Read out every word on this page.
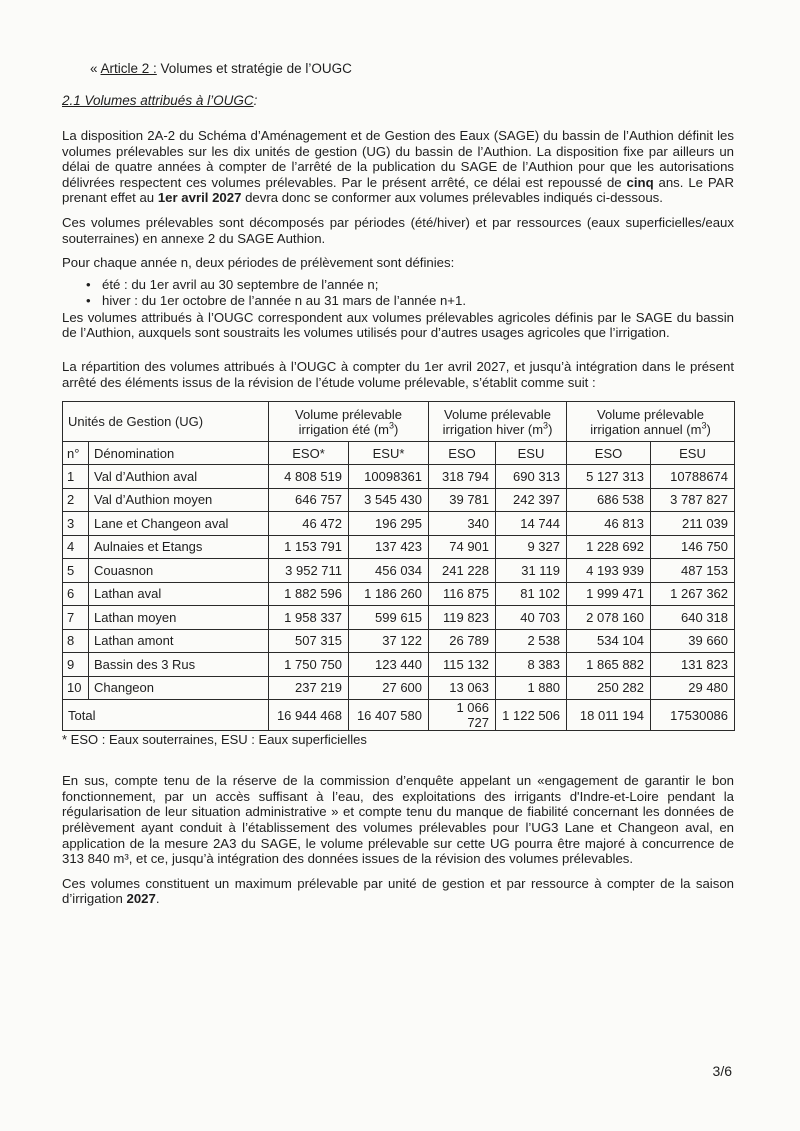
« Article 2 : Volumes et stratégie de l’OUGC
2.1 Volumes attribués à l’OUGC:

La disposition 2A-2 du Schéma d’Aménagement et de Gestion des Eaux (SAGE) du bassin de l’Authion définit les volumes prélevables sur les dix unités de gestion (UG) du bassin de l’Authion. La disposition fixe par ailleurs un délai de quatre années à compter de l’arrêté de la publication du SAGE de l’Authion pour que les autorisations délivrées respectent ces volumes prélevables. Par le présent arrêté, ce délai est repoussé de cinq ans. Le PAR prenant effet au 1er avril 2027 devra donc se conformer aux volumes prélevables indiqués ci-dessous.

Ces volumes prélevables sont décomposés par périodes (été/hiver) et par ressources (eaux superficielles/eaux souterraines) en annexe 2 du SAGE Authion.

Pour chaque année n, deux périodes de prélèvement sont définies:

• été : du 1er avril au 30 septembre de l’année n;
• hiver : du 1er octobre de l’année n au 31 mars de l’année n+1.

Les volumes attribués à l’OUGC correspondent aux volumes prélevables agricoles définis par le SAGE du bassin de l’Authion, auxquels sont soustraits les volumes utilisés pour d’autres usages agricoles que l’irrigation.

La répartition des volumes attribués à l’OUGC à compter du 1er avril 2027, et jusqu’à intégration dans le présent arrêté des éléments issus de la révision de l’étude volume prélevable, s’établit comme suit :

Unités de Gestion (UG)		Volume prélevable irrigation été $(m^3)$		Volume prélevable irrigation hiver $(m^3)$		Volume prélevable irrigation annuel $(m^3)$	
n°	Dénomination	ESO*	ESU*	ESO	ESU	ESO	ESU
1	Val d’Authion aval	4 808 519	10098361	318 794	690 313	5 127 313	10788674
2	Val d’Authion moyen	646 757	3 545 430	39 781	242 397	686 538	3 787 827
3	Lane et Changeon aval	46 472	196 295	340	14 744	46 813	211 039
4	Aulnaies et Etangs	1 153 791	137 423	74 901	9 327	1 228 692	146 750
5	Couasnon	3 952 711	456 034	241 228	31 119	4 193 939	487 153
6	Lathan aval	1 882 596	1 186 260	116 875	81 102	1 999 471	1 267 362
7	Lathan moyen	1 958 337	599 615	119 823	40 703	2 078 160	640 318
8	Lathan amont	507 315	37 122	26 789	2 538	534 104	39 660
9	Bassin des 3 Rus	1 750 750	123 440	115 132	8 383	1 865 882	131 823
10	Changeon	237 219	27 600	13 063	1 880	250 282	29 480
Total		16 944 468	16 407 580	1 066 727	1 122 506	18 011 194	17530086
* ESO : Eaux souterraines, ESU : Eaux superficielles

En sus, compte tenu de la réserve de la commission d’enquête appelant un «engagement de garantir le bon fonctionnement, par un accès suffisant à l’eau, des exploitations des irrigants d'Indre-et-Loire pendant la régularisation de leur situation administrative » et compte tenu du manque de fiabilité concernant les données de prélèvement ayant conduit à l’établissement des volumes prélevables pour l’UG3 Lane et Changeon aval, en application de la mesure 2A3 du SAGE, le volume prélevable sur cette UG pourra être majoré à concurrence de 313 840 m³, et ce, jusqu’à intégration des données issues de la révision des volumes prélevables.

Ces volumes constituent un maximum prélevable par unité de gestion et par ressource à compter de la saison d’irrigation 2027.

3/6
